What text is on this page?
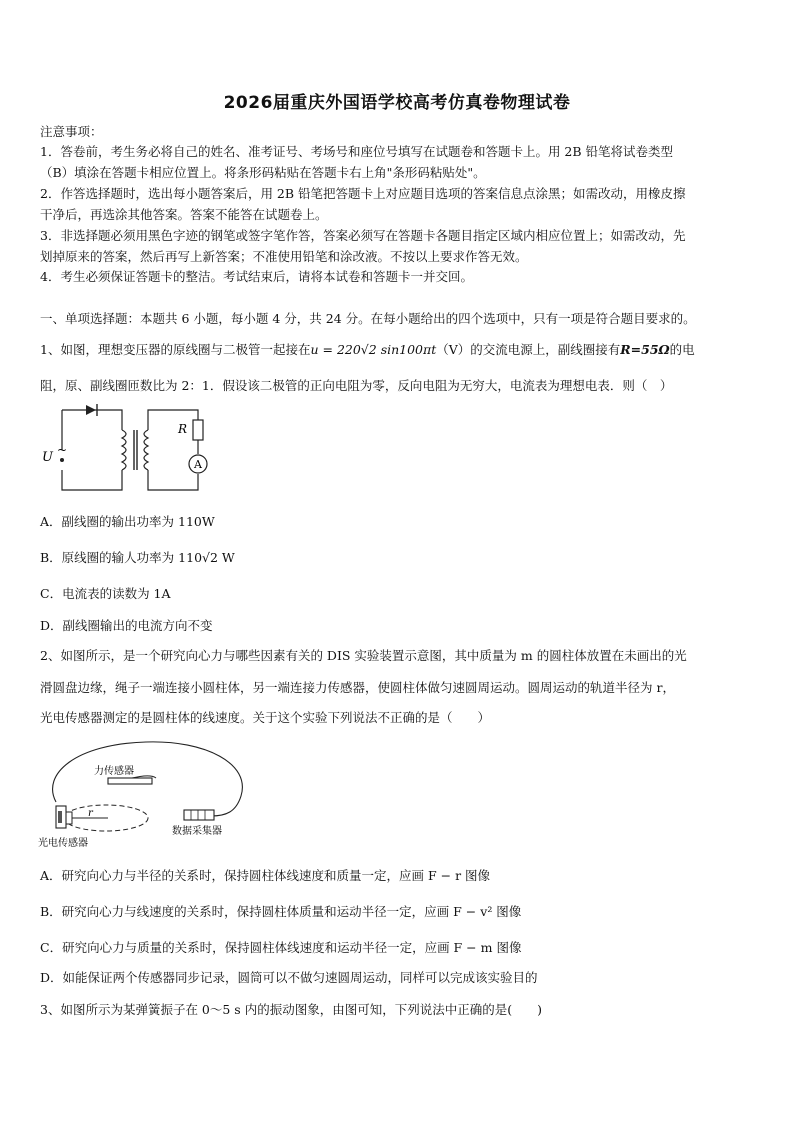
2026届重庆外国语学校高考仿真卷物理试卷
注意事项：
1．答卷前，考生务必将自己的姓名、准考证号、考场号和座位号填写在试题卷和答题卡上。用 2B 铅笔将试卷类型
（B）填涂在答题卡相应位置上。将条形码粘贴在答题卡右上角"条形码粘贴处"。
2．作答选择题时，选出每小题答案后，用 2B 铅笔把答题卡上对应题目选项的答案信息点涂黑；如需改动，用橡皮擦
干净后，再选涂其他答案。答案不能答在试题卷上。
3．非选择题必须用黑色字迹的钢笔或签字笔作答，答案必须写在答题卡各题目指定区域内相应位置上；如需改动，先
划掉原来的答案，然后再写上新答案；不准使用铅笔和涂改液。不按以上要求作答无效。
4．考生必须保证答题卡的整洁。考试结束后，请将本试卷和答题卡一并交回。
一、单项选择题：本题共 6 小题，每小题 4 分，共 24 分。在每小题给出的四个选项中，只有一项是符合题目要求的。
1、如图，理想变压器的原线圈与二极管一起接在u = 220√2 sin100πt（V）的交流电源上，副线圈接有R=55Ω的电
阻，原、副线圈匝数比为 2：1．假设该二极管的正向电阻为零，反向电阻为无穷大，电流表为理想电表．则（　）
U ~
R
A
A．副线圈的输出功率为 110W
B．原线圈的输人功率为 110√2 W
C．电流表的读数为 1A
D．副线圈输出的电流方向不变
2、如图所示，是一个研究向心力与哪些因素有关的 DIS 实验装置示意图，其中质量为 m 的圆柱体放置在未画出的光
滑圆盘边缘，绳子一端连接小圆柱体，另一端连接力传感器，使圆柱体做匀速圆周运动。圆周运动的轨道半径为 r，
光电传感器测定的是圆柱体的线速度。关于这个实验下列说法不正确的是（　　）
力传感器
r
光电传感器
数据采集器
A．研究向心力与半径的关系时，保持圆柱体线速度和质量一定，应画 F − r 图像
B．研究向心力与线速度的关系时，保持圆柱体质量和运动半径一定，应画 F − v² 图像
C．研究向心力与质量的关系时，保持圆柱体线速度和运动半径一定，应画 F − m 图像
D．如能保证两个传感器同步记录，圆筒可以不做匀速圆周运动，同样可以完成该实验目的
3、如图所示为某弹簧振子在 0～5 s 内的振动图象，由图可知，下列说法中正确的是(　　)
